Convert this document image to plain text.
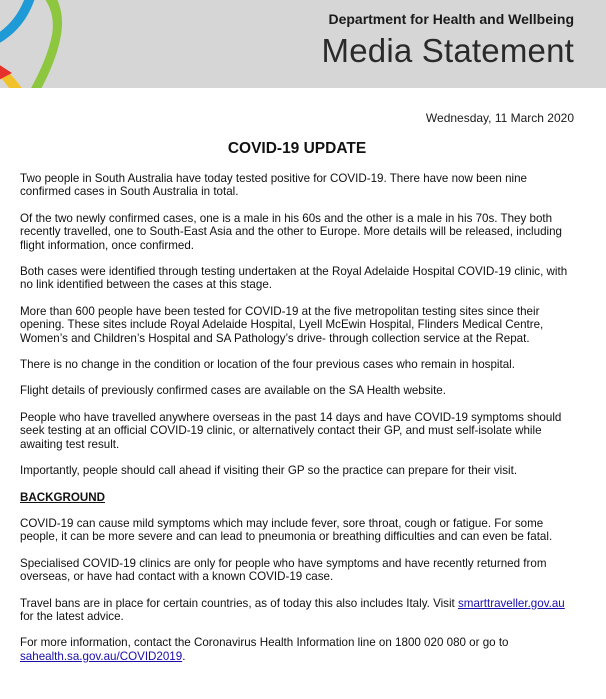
Department for Health and Wellbeing
Media Statement
Wednesday, 11 March 2020
COVID-19 UPDATE

Two people in South Australia have today tested positive for COVID-19. There have now been nine confirmed cases in South Australia in total.

Of the two newly confirmed cases, one is a male in his 60s and the other is a male in his 70s. They both recently travelled, one to South-East Asia and the other to Europe. More details will be released, including flight information, once confirmed.

Both cases were identified through testing undertaken at the Royal Adelaide Hospital COVID-19 clinic, with no link identified between the cases at this stage.

More than 600 people have been tested for COVID-19 at the five metropolitan testing sites since their opening. These sites include Royal Adelaide Hospital, Lyell McEwin Hospital, Flinders Medical Centre, Women’s and Children’s Hospital and SA Pathology’s drive- through collection service at the Repat.

There is no change in the condition or location of the four previous cases who remain in hospital.

Flight details of previously confirmed cases are available on the SA Health website.

People who have travelled anywhere overseas in the past 14 days and have COVID-19 symptoms should seek testing at an official COVID-19 clinic, or alternatively contact their GP, and must self-isolate while awaiting test result.

Importantly, people should call ahead if visiting their GP so the practice can prepare for their visit.

BACKGROUND

COVID-19 can cause mild symptoms which may include fever, sore throat, cough or fatigue. For some people, it can be more severe and can lead to pneumonia or breathing difficulties and can even be fatal.

Specialised COVID-19 clinics are only for people who have symptoms and have recently returned from overseas, or have had contact with a known COVID-19 case.

Travel bans are in place for certain countries, as of today this also includes Italy. Visit smarttraveller.gov.au for the latest advice.

For more information, contact the Coronavirus Health Information line on 1800 020 080 or go to sahealth.sa.gov.au/COVID2019.
